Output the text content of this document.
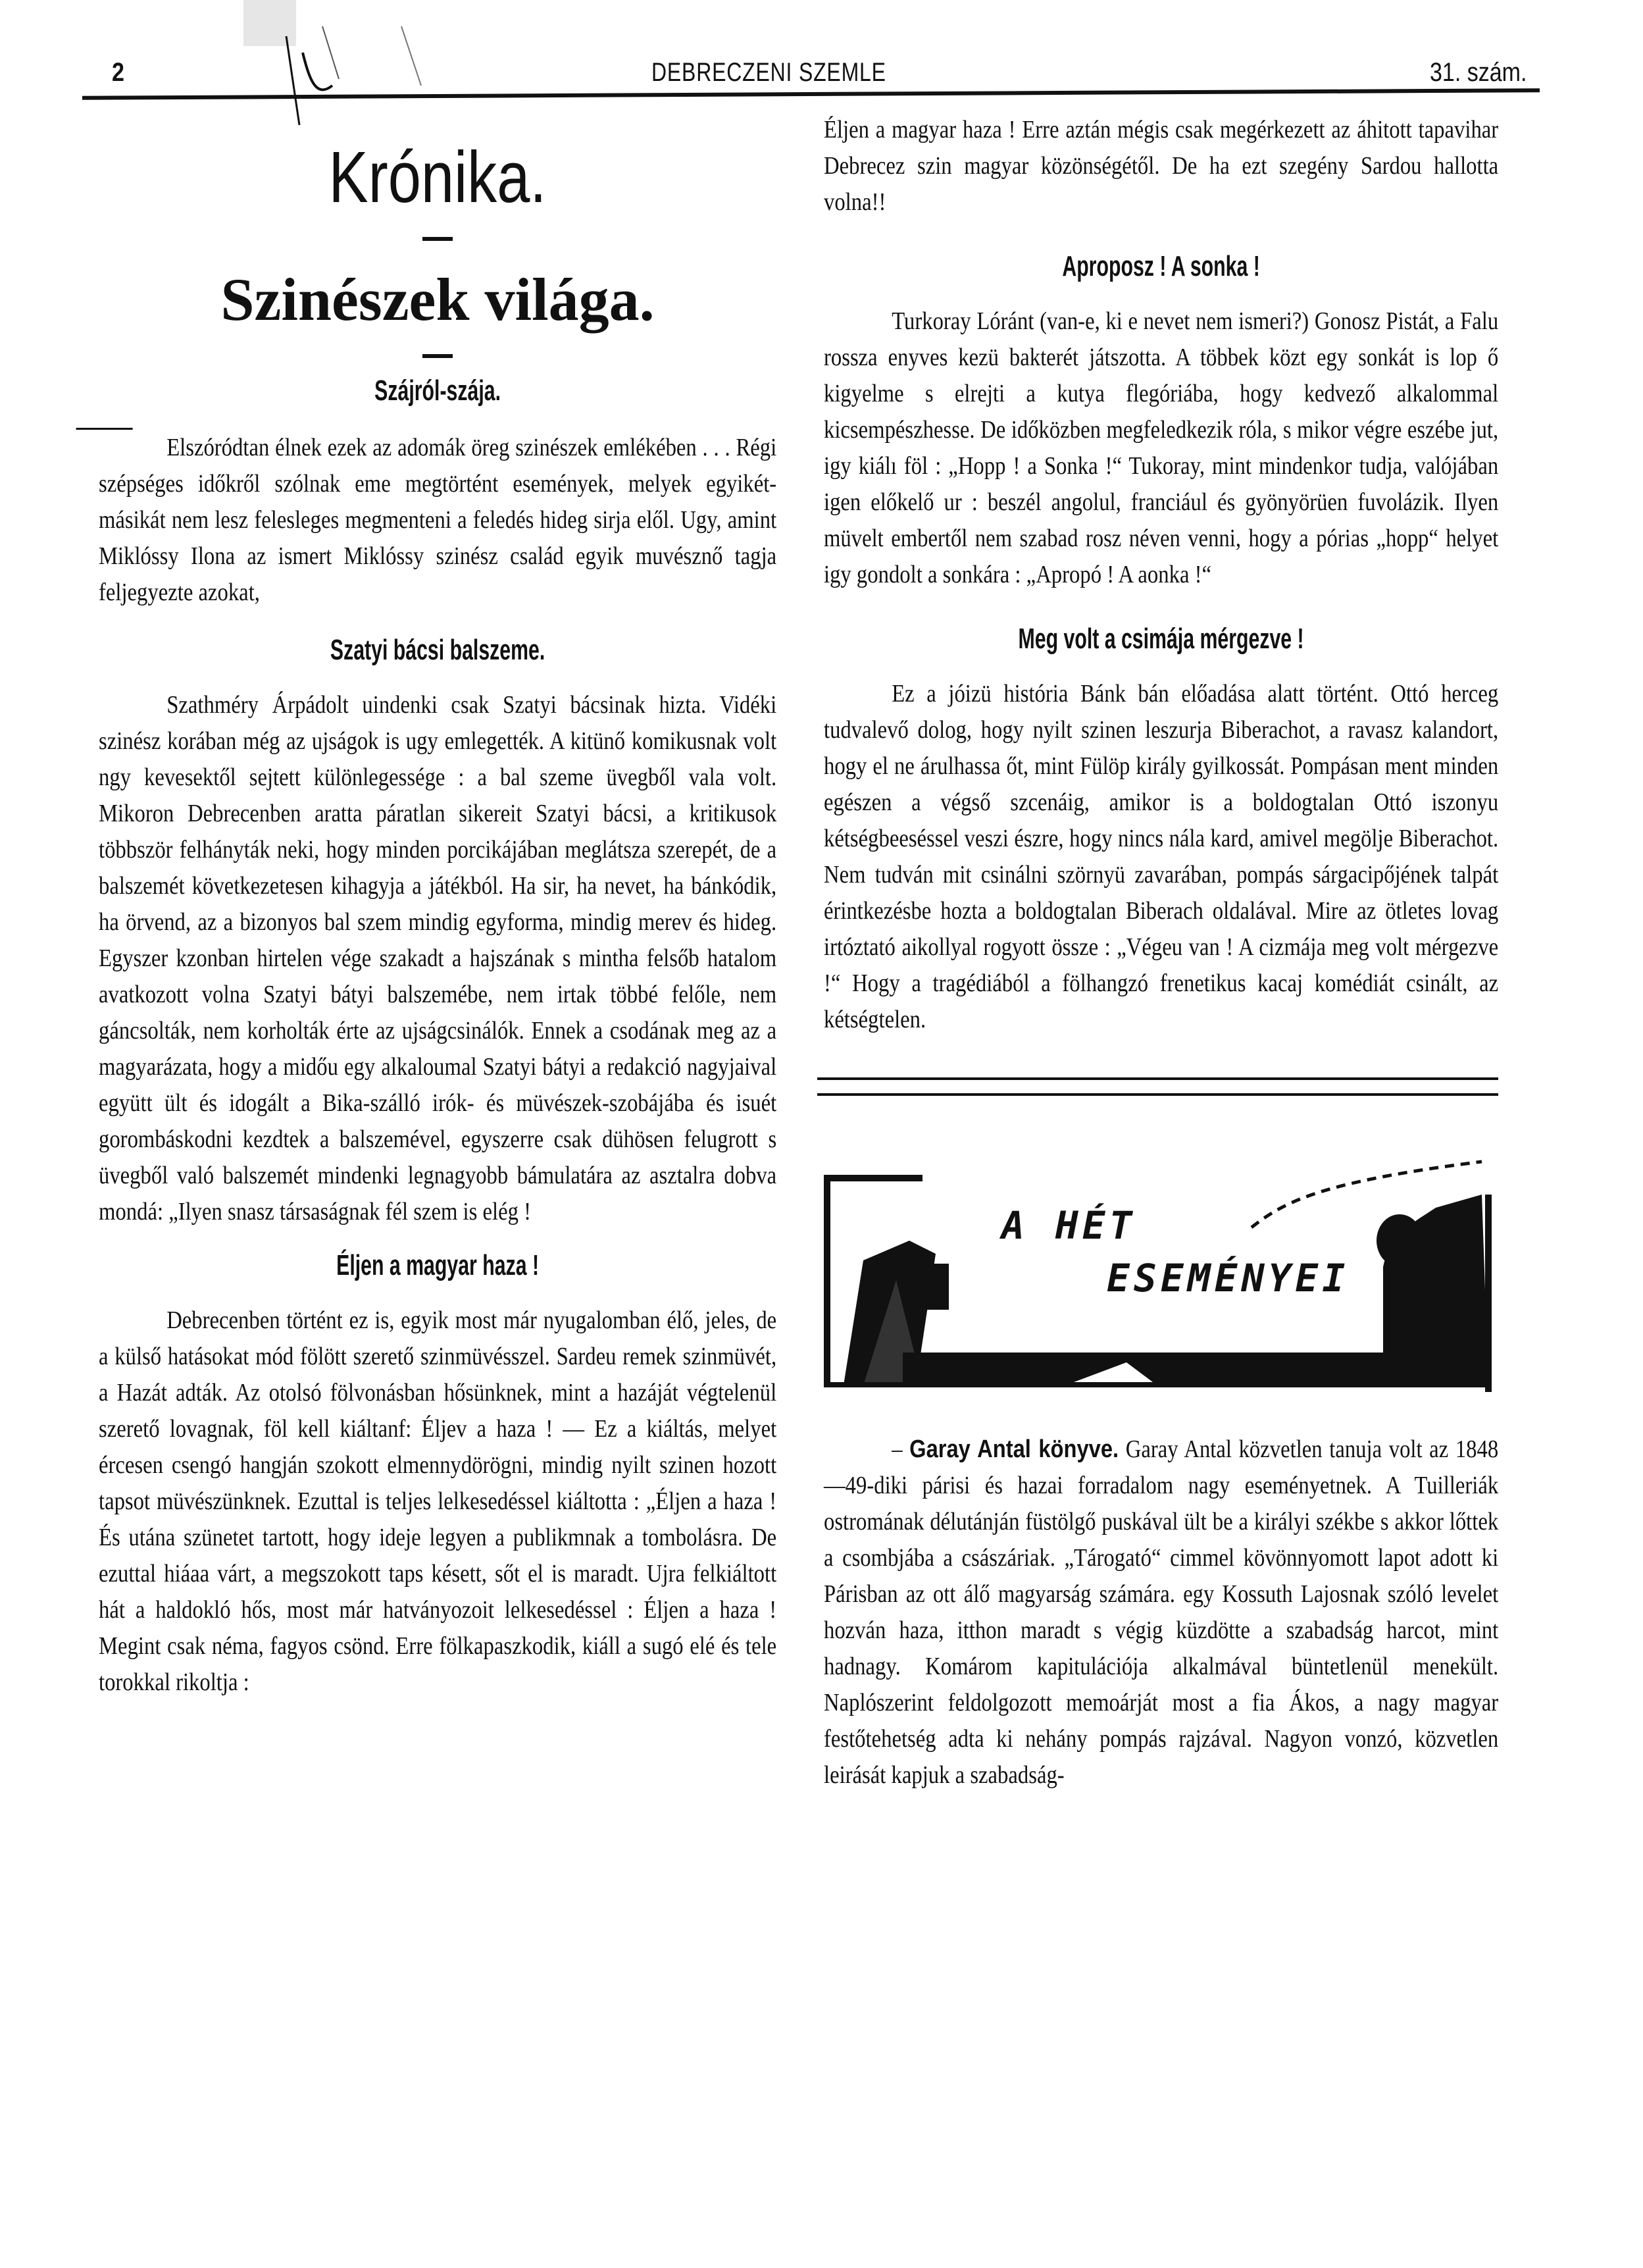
2	DEBRECZENI SZEMLE	31. szám.
Krónika.
Szinészek világa.
Szájról-szája.

Elszóródtan élnek ezek az adomák öreg szinészek emlékében . . . Régi szépséges időkről szólnak eme megtörtént események, melyek egyikét-másikát nem lesz felesleges megmenteni a feledés hideg sirja elől. Ugy, amint Miklóssy Ilona az ismert Miklóssy szinész család egyik muvésznő tagja feljegyezte azokat,

Szatyi bácsi balszeme.

Szathméry Árpádolt uindenki csak Szatyi bácsinak hizta. Vidéki szinész korában még az ujságok is ugy emlegették. A kitünő komikusnak volt ngy kevesektől sejtett különlegessége : a bal szeme üvegből vala volt. Mikoron Debrecenben aratta páratlan sikereit Szatyi bácsi, a kritikusok többször felhányták neki, hogy minden porcikájában meglátsza szerepét, de a balszemét következetesen kihagyja a játékból. Ha sir, ha nevet, ha bánkódik, ha örvend, az a bizonyos bal szem mindig egyforma, mindig merev és hideg. Egyszer kzonban hirtelen vége szakadt a hajszának s mintha felsőb hatalom avatkozott volna Szatyi bátyi balszemébe, nem irtak többé felőle, nem gáncsolták, nem korholták érte az ujságcsinálók. Ennek a csodának meg az a magyarázata, hogy a midőu egy alkaloumal Szatyi bátyi a redakció nagyjaival együtt ült és idogált a Bika-szálló irók- és müvészek-szobájába és isuét gorombáskodni kezdtek a balszemével, egyszerre csak dühösen felugrott s üvegből való balszemét mindenki legnagyobb bámulatára az asztalra dobva mondá: „Ilyen snasz társaságnak fél szem is elég !

Éljen a magyar haza !

Debrecenben történt ez is, egyik most már nyugalomban élő, jeles, de a külső hatásokat mód fölött szerető szinmüvésszel. Sardeu remek szinmüvét, a Hazát adták. Az otolsó fölvonásban hősünknek, mint a hazáját végtelenül szerető lovagnak, föl kell kiáltanf: Éljev a haza ! — Ez a kiáltás, melyet ércesen csengó hangján szokott elmennydörögni, mindig nyilt szinen hozott tapsot müvészünknek. Ezuttal is teljes lelkesedéssel kiáltotta : „Éljen a haza ! És utána szünetet tartott, hogy ideje legyen a publikmnak a tombolásra. De ezuttal hiáaa várt, a megszokott taps késett, sőt el is maradt. Ujra felkiáltott hát a haldokló hős, most már hatványozoit lelkesedéssel : Éljen a haza ! Megint csak néma, fagyos csönd. Erre fölkapaszkodik, kiáll a sugó elé és tele torokkal rikoltja :

Éljen a magyar haza ! Erre aztán mégis csak megérkezett az áhitott tapavihar Debrecez szin magyar közönségétől. De ha ezt szegény Sardou hallotta volna!!

Aproposz ! A sonka !

Turkoray Lóránt (van-e, ki e nevet nem ismeri?) Gonosz Pistát, a Falu rossza enyves kezü bakterét játszotta. A többek közt egy sonkát is lop ő kigyelme s elrejti a kutya flegóriába, hogy kedvező alkalommal kicsempészhesse. De időközben megfeledkezik róla, s mikor végre eszébe jut, igy kiálı föl : „Hopp ! a Sonka !“ Tukoray, mint mindenkor tudja, valójában igen előkelő ur : beszél angolul, franciául és gyönyörüen fuvolázik. Ilyen müvelt embertől nem szabad rosz néven venni, hogy a pórias „hopp“ helyet igy gondolt a sonkára : „Apropó ! A aonka !“

Meg volt a csimája mérgezve !

Ez a jóizü história Bánk bán előadása alatt történt. Ottó herceg tudvalevő dolog, hogy nyilt szinen leszurja Biberachot, a ravasz kalandort, hogy el ne árulhassa őt, mint Fülöp király gyilkossát. Pompásan ment minden egészen a végső szcenáig, amikor is a boldogtalan Ottó iszonyu kétségbeeséssel veszi észre, hogy nincs nála kard, amivel megölje Biberachot. Nem tudván mit csinálni szörnyü zavarában, pompás sárgacipőjének talpát érintkezésbe hozta a boldogtalan Biberach oldalával. Mire az ötletes lovag irtóztató aikollyal rogyott össze : „Végeu van ! A cizmája meg volt mérgezve !“ Hogy a tragédiából a fölhangzó frenetikus kacaj komédiát csinált, az kétségtelen.

A HÉT
ESEMÉNYEI

– Garay Antal könyve. Garay Antal közvetlen tanuja volt az 1848—49-diki párisi és hazai forradalom nagy eseményetnek. A Tuilleriák ostromának délutánján füstölgő puskával ült be a királyi székbe s akkor lőttek a csombjába a császáriak. „Tárogató“ cimmel kövönnyomott lapot adott ki Párisban az ott álő magyarság számára. egy Kossuth Lajosnak szóló levelet hozván haza, itthon maradt s végig küzdötte a szabadság harcot, mint hadnagy. Komárom kapitulációja alkalmával büntetlenül menekült. Naplószerint feldolgozott memoárját most a fia Ákos, a nagy magyar festőtehetség adta ki nehány pompás rajzával. Nagyon vonzó, közvetlen leirását kapjuk a szabadság-
